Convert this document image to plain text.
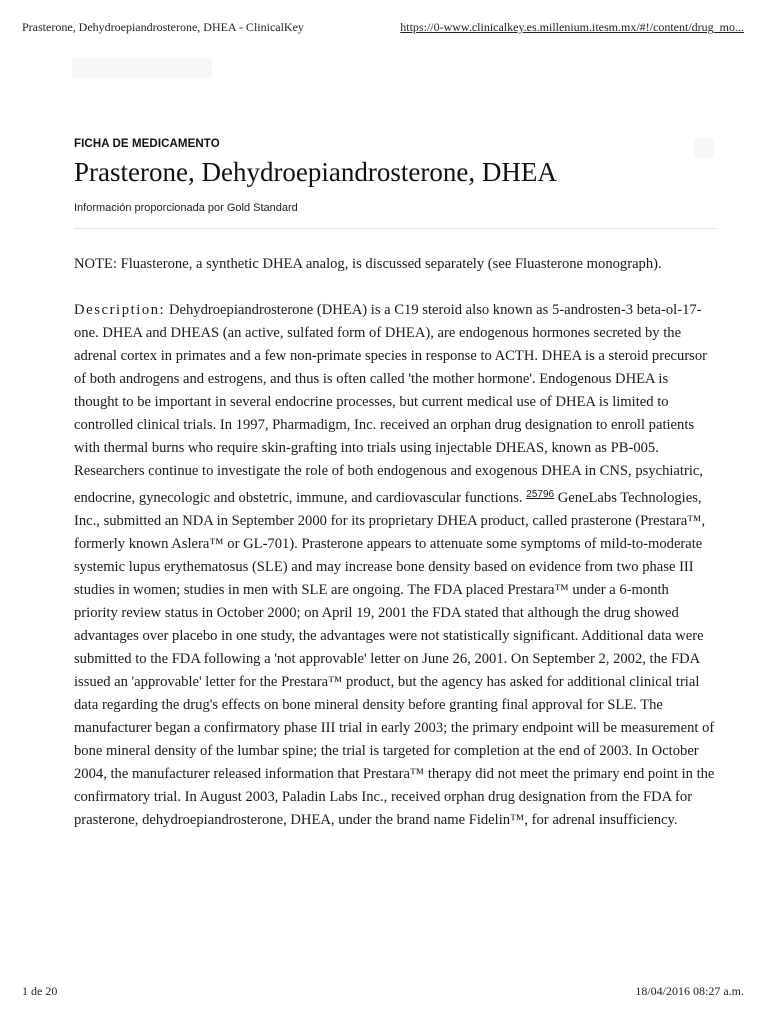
Prasterone, Dehydroepiandrosterone, DHEA - ClinicalKey	https://0-www.clinicalkey.es.millenium.itesm.mx/#!/content/drug_mo...

FICHA DE MEDICAMENTO

Prasterone, Dehydroepiandrosterone, DHEA

Información proporcionada por Gold Standard

NOTE: Fluasterone, a synthetic DHEA analog, is discussed separately (see Fluasterone monograph).

Description: Dehydroepiandrosterone (DHEA) is a C19 steroid also known as 5-androsten-3 beta-ol-17-one. DHEA and DHEAS (an active, sulfated form of DHEA), are endogenous hormones secreted by the adrenal cortex in primates and a few non-primate species in response to ACTH. DHEA is a steroid precursor of both androgens and estrogens, and thus is often called 'the mother hormone'. Endogenous DHEA is thought to be important in several endocrine processes, but current medical use of DHEA is limited to controlled clinical trials. In 1997, Pharmadigm, Inc. received an orphan drug designation to enroll patients with thermal burns who require skin-grafting into trials using injectable DHEAS, known as PB-005. Researchers continue to investigate the role of both endogenous and exogenous DHEA in CNS, psychiatric, endocrine, gynecologic and obstetric, immune, and cardiovascular functions. $^{25796}$ GeneLabs Technologies, Inc., submitted an NDA in September 2000 for its proprietary DHEA product, called prasterone (Prestara™, formerly known Aslera™ or GL-701). Prasterone appears to attenuate some symptoms of mild-to-moderate systemic lupus erythematosus (SLE) and may increase bone density based on evidence from two phase III studies in women; studies in men with SLE are ongoing. The FDA placed Prestara™ under a 6-month priority review status in October 2000; on April 19, 2001 the FDA stated that although the drug showed advantages over placebo in one study, the advantages were not statistically significant. Additional data were submitted to the FDA following a 'not approvable' letter on June 26, 2001. On September 2, 2002, the FDA issued an 'approvable' letter for the Prestara™ product, but the agency has asked for additional clinical trial data regarding the drug's effects on bone mineral density before granting final approval for SLE. The manufacturer began a confirmatory phase III trial in early 2003; the primary endpoint will be measurement of bone mineral density of the lumbar spine; the trial is targeted for completion at the end of 2003. In October 2004, the manufacturer released information that Prestara™ therapy did not meet the primary end point in the confirmatory trial. In August 2003, Paladin Labs Inc., received orphan drug designation from the FDA for prasterone, dehydroepiandrosterone, DHEA, under the brand name Fidelin™, for adrenal insufficiency.

1 de 20	18/04/2016 08:27 a.m.
